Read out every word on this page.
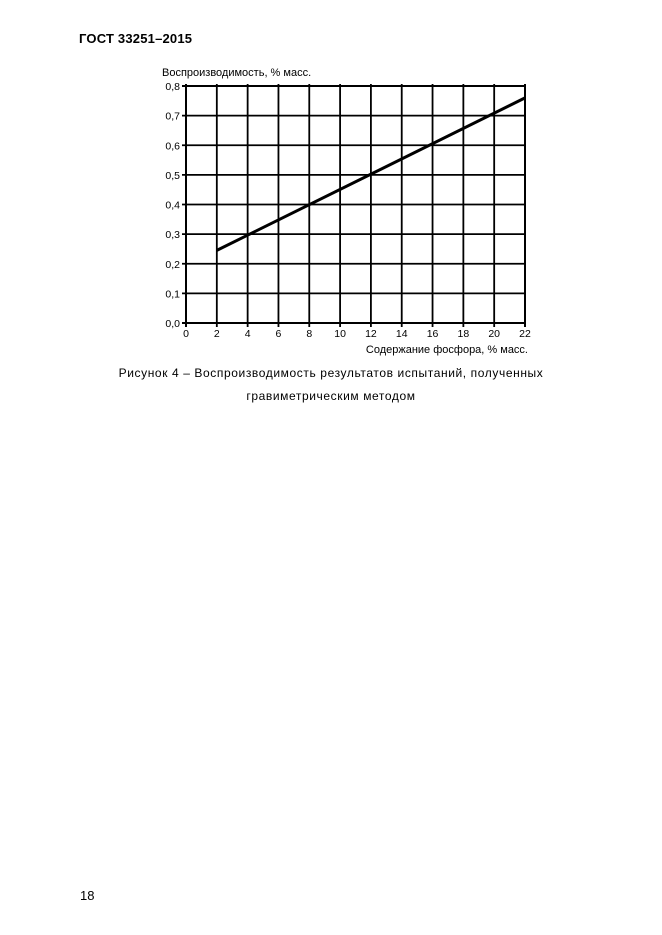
ГОСТ 33251–2015
0 2 4 6 8 10 12 14 16 18 20 22
0,0
0,1
0,2
0,3
0,4
0,5
0,6
0,7
0,8
Воспроизводимость, % масс.
Содержание фосфора, % масс.
Рисунок 4 – Воспроизводимость результатов испытаний, полученных
гравиметрическим методом
18
